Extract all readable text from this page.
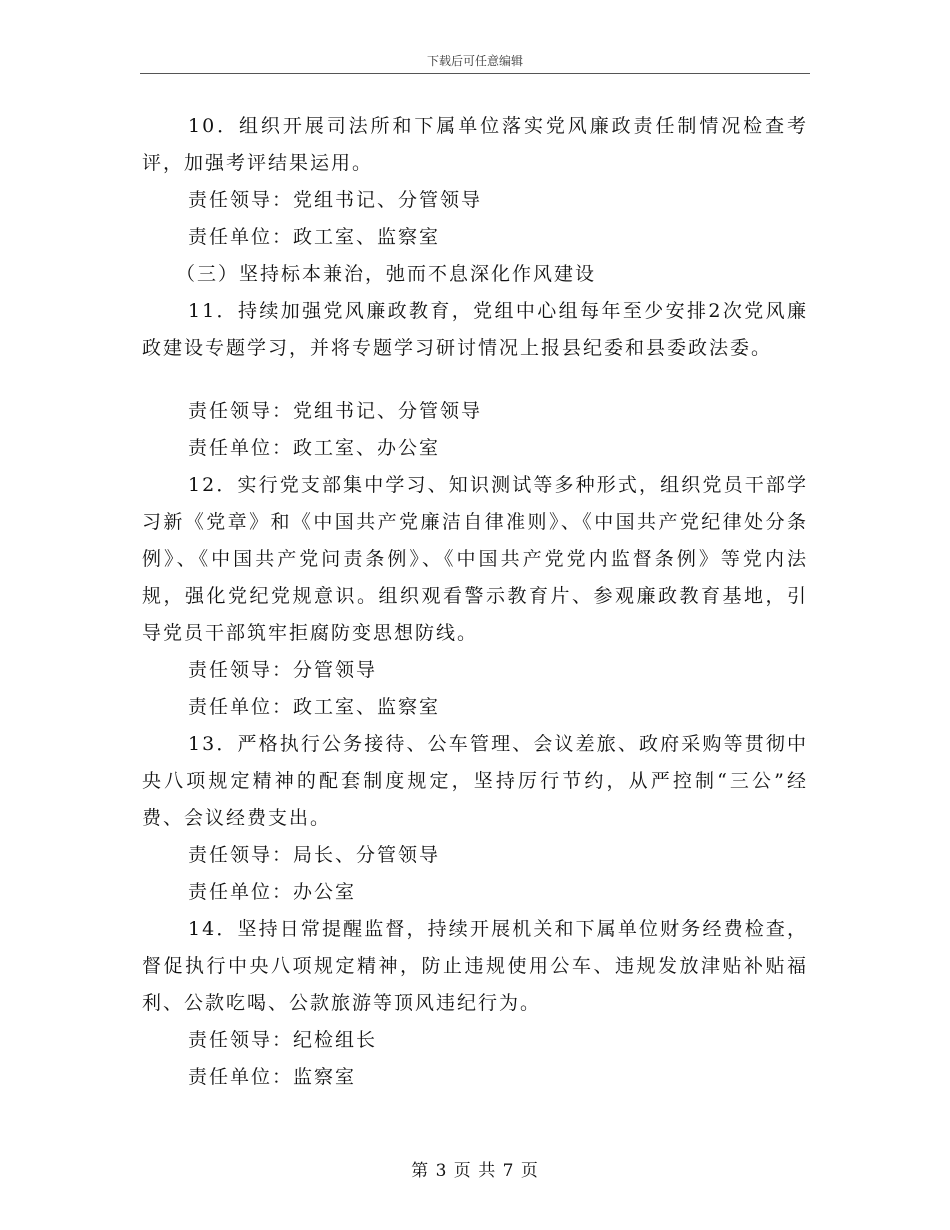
下载后可任意编辑

10．组织开展司法所和下属单位落实党风廉政责任制情况检查考评，加强考评结果运用。

责任领导：党组书记、分管领导

责任单位：政工室、监察室

（三）坚持标本兼治，弛而不息深化作风建设

11．持续加强党风廉政教育，党组中心组每年至少安排2次党风廉政建设专题学习，并将专题学习研讨情况上报县纪委和县委政法委。

责任领导：党组书记、分管领导

责任单位：政工室、办公室

12．实行党支部集中学习、知识测试等多种形式，组织党员干部学习新《党章》和《中国共产党廉洁自律准则》、《中国共产党纪律处分条例》、《中国共产党问责条例》、《中国共产党党内监督条例》等党内法规，强化党纪党规意识。组织观看警示教育片、参观廉政教育基地，引导党员干部筑牢拒腐防变思想防线。

责任领导：分管领导

责任单位：政工室、监察室

13．严格执行公务接待、公车管理、会议差旅、政府采购等贯彻中央八项规定精神的配套制度规定，坚持厉行节约，从严控制“三公”经费、会议经费支出。

责任领导：局长、分管领导

责任单位：办公室

14．坚持日常提醒监督，持续开展机关和下属单位财务经费检查，督促执行中央八项规定精神，防止违规使用公车、违规发放津贴补贴福利、公款吃喝、公款旅游等顶风违纪行为。

责任领导：纪检组长

责任单位：监察室

第 3 页 共 7 页
